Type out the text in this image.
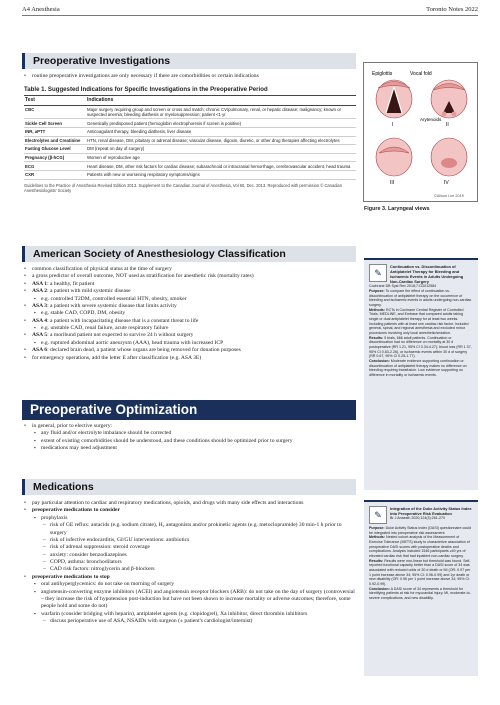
A4 Anesthesia	Toronto Notes 2022
Preoperative Investigations
• routine preoperative investigations are only necessary if there are comorbidities or certain indications
Table 1. Suggested Indications for Specific Investigations in the Preoperative Period
Test	Indications
CBC	Major surgery requiring group and screen or cross and match; chronic CV/pulmonary, renal, or hepatic disease; malignancy; known or suspected anemia; bleeding diathesis or myelosuppression; patient <1 yr
Sickle Cell Screen	Genetically predisposed patient (hemoglobin electrophoresis if screen is positive)
INR, aPTT	Anticoagulant therapy, bleeding diathesis, liver disease
Electrolytes and Creatinine	HTN, renal disease, DM, pituitary or adrenal disease; vascular disease, digoxin, diuretic, or other drug therapies affecting electrolytes
Fasting Glucose Level	DM (repeat on day of surgery)
Pregnancy (β-hCG)	Women of reproductive age
ECG	Heart disease, DM, other risk factors for cardiac disease; subarachnoid or intracranial hemorrhage, cerebrovascular accident, head trauma
CXR	Patients with new or worsening respiratory symptoms/signs
Guidelines to the Practice of Anesthesia Revised Edition 2013. Supplement to the Canadian Journal of Anesthesia, Vol 60, Dec. 2013. Reproduced with permission © Canadian Anesthesiologists' Society
American Society of Anesthesiology Classification
• common classification of physical status at the time of surgery
• a gross predictor of overall outcome, NOT used as stratification for anesthetic risk (mortality rates)
• ASA 1: a healthy, fit patient
• ASA 2: a patient with mild systemic disease
▪ e.g. controlled T2DM, controlled essential HTN, obesity, smoker
• ASA 3: a patient with severe systemic disease that limits activity
▪ e.g. stable CAD, COPD, DM, obesity
• ASA 4: a patient with incapacitating disease that is a constant threat to life
▪ e.g. unstable CAD, renal failure, acute respiratory failure
• ASA 5: a moribund patient not expected to survive 24 h without surgery
▪ e.g. ruptured abdominal aortic aneurysm (AAA), head trauma with increased ICP
• ASA 6: declared brain dead, a patient whose organs are being removed for donation purposes
• for emergency operations, add the letter E after classification (e.g. ASA 3E)
Preoperative Optimization
• in general, prior to elective surgery:
▪ any fluid and/or electrolyte imbalance should be corrected
▪ extent of existing comorbidities should be understood, and these conditions should be optimized prior to surgery
▪ medications may need adjustment
Medications
• pay particular attention to cardiac and respiratory medications, opioids, and drugs with many side effects and interactions
• preoperative medications to consider
▪ prophylaxis
– risk of GE reflux: antacids (e.g. sodium citrate), H₂ antagonists and/or prokinetic agents (e.g. metoclopramide) 30 min-1 h prior to surgery
– risk of infective endocarditis, GI/GU interventions: antibiotics
– risk of adrenal suppression: steroid coverage
– anxiety: consider benzodiazepines
– COPD, asthma: bronchodilators
– CAD risk factors: nitroglycerin and β-blockers
• preoperative medications to stop
▪ oral antihyperglycemics: do not take on morning of surgery
▪ angiotensin-converting enzyme inhibitors (ACEI) and angiotensin receptor blockers (ARB): do not take on the day of surgery (controversial – they increase the risk of hypotension post-induction but have not been shown to increase mortality or adverse outcomes; therefore, some people hold and some do not)
▪ warfarin (consider bridging with heparin), antiplatelet agents (e.g. clopidogrel), Xa inhibitor, direct thrombin inhibitors
– discuss perioperative use of ASA, NSAIDs with surgeon (± patient's cardiologist/internist)
Epiglottis	Vocal fold
I	II
Arytenoids
III	IV
©Alison Lim 2019
Figure 3. Laryngeal views
✎
Continuation vs. Discontinuation of Antiplatelet Therapy for Bleeding and Ischaemic Events in Adults Undergoing Non-Cardiac Surgery
Cochrane DB Syst Rev 2018;7:CD012584
Purpose: To compare the effect of continuation vs. discontinuation of antiplatelet therapy on the occurrence of bleeding and ischaemic events in adults undergoing non-cardiac surgery.
Methods: RCTs in Cochrane Central Register of Controlled Trials, MEDLINE, and Embase that compared adults taking single or dual antiplatelet therapy for at least two weeks. Including patients with at least one cardiac risk factor. Included general, spinal, and regional anesthesia and excluded minor procedures involving only local anesthetic/sedation.
Results: 5 trials, 666 adult patients. Continuation or discontinuation had no difference on mortality at 30 d postoperative (RR 1.21, 95% CI 0.34-4.27); blood loss (RR 1.37, 95% CI 0.83-2.26), or ischaemic events within 30 d of surgery (RR 0.67, 95% CI 0.25-1.77).
Conclusion: Moderate evidence supporting continuation or discontinuation of antiplatelet therapy makes no difference on bleeding requiring transfusion. Low evidence supporting no difference in mortality or ischaemic events.
✎
Integration of the Duke Activity Status Index into Preoperative Risk Evaluation
Br J Anaesth 2020;124(3):261-270
Purpose: Duke Activity Status Index (DASI) questionnaire could be integrated into preoperative risk assessment.
Methods: Nested cohort analysis of the Measurement of Exercise Tolerance (METS) study to characterize association of preoperative DASI scores with postoperative deaths and complications. Analysis included 1546 participants ≥40 yrs of elevated cardiac risk that had inpatient non-cardiac surgery.
Results: Results were non-linear but threshold was found. Self-reported functional capacity better than a DASI score of 34 was associated with reduced odds of 30 d death or MI (OR: 0.97 per 1 point increase above 34; 95% CI: 0.96-0.99) and 1yr death or new disability (OR: 0.96 per 1 point increase above 34; 95% CI: 0.92-0.99).
Conclusion: A DASI score of 34 represents a threshold for identifying patients at risk for myocardial injury, MI, moderate-to-severe complications, and new disability.
